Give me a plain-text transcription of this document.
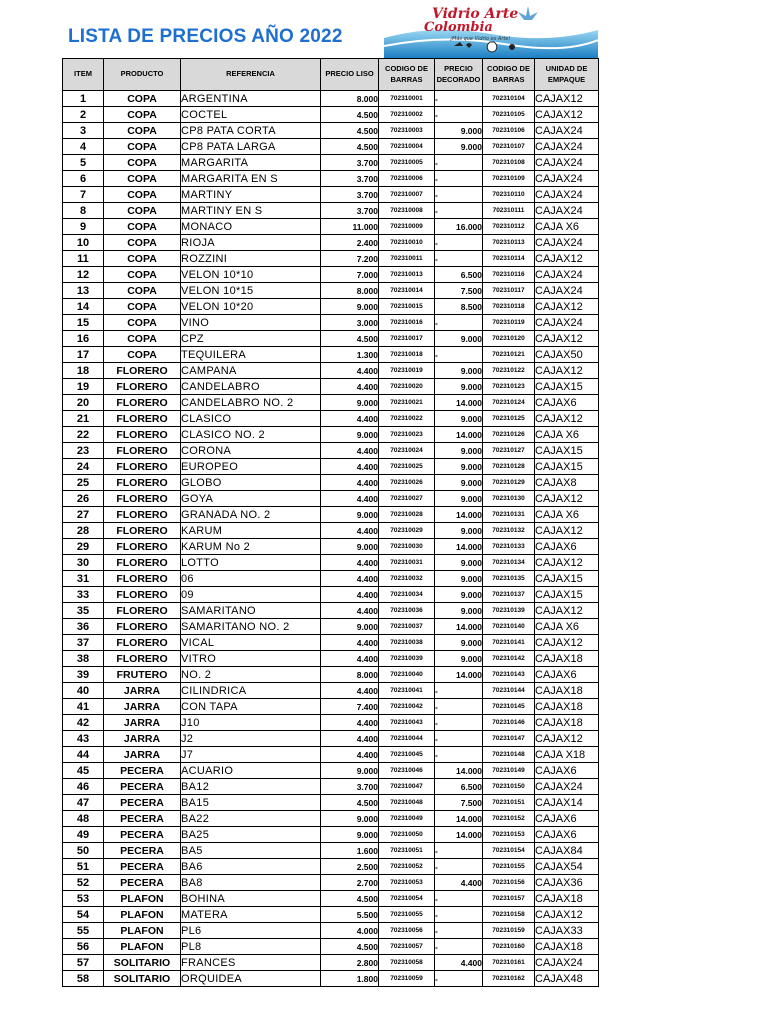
LISTA DE PRECIOS AÑO 2022
Vidrio Arte
Colombia
¡Más que Vidrio es Arte!
ITEM	PRODUCTO	REFERENCIA	PRECIO LISO	CODIGO DE BARRAS	PRECIO DECORADO	CODIGO DE BARRAS	UNIDAD DE EMPAQUE
1	COPA	ARGENTINA	8.000	702310001	-	702310104	CAJAX12
2	COPA	COCTEL	4.500	702310002	-	702310105	CAJAX12
3	COPA	CP8 PATA CORTA	4.500	702310003	9.000	702310106	CAJAX24
4	COPA	CP8 PATA LARGA	4.500	702310004	9.000	702310107	CAJAX24
5	COPA	MARGARITA	3.700	702310005	-	702310108	CAJAX24
6	COPA	MARGARITA EN S	3.700	702310006	-	702310109	CAJAX24
7	COPA	MARTINY	3.700	702310007	-	702310110	CAJAX24
8	COPA	MARTINY EN S	3.700	702310008	-	702310111	CAJAX24
9	COPA	MONACO	11.000	702310009	16.000	702310112	CAJA X6
10	COPA	RIOJA	2.400	702310010	-	702310113	CAJAX24
11	COPA	ROZZINI	7.200	702310011	-	702310114	CAJAX12
12	COPA	VELON 10*10	7.000	702310013	6.500	702310116	CAJAX24
13	COPA	VELON 10*15	8.000	702310014	7.500	702310117	CAJAX24
14	COPA	VELON 10*20	9.000	702310015	8.500	702310118	CAJAX12
15	COPA	VINO	3.000	702310016	-	702310119	CAJAX24
16	COPA	CPZ	4.500	702310017	9.000	702310120	CAJAX12
17	COPA	TEQUILERA	1.300	702310018	-	702310121	CAJAX50
18	FLORERO	CAMPANA	4.400	702310019	9.000	702310122	CAJAX12
19	FLORERO	CANDELABRO	4.400	702310020	9.000	702310123	CAJAX15
20	FLORERO	CANDELABRO NO. 2	9.000	702310021	14.000	702310124	CAJAX6
21	FLORERO	CLASICO	4.400	702310022	9.000	702310125	CAJAX12
22	FLORERO	CLASICO NO. 2	9.000	702310023	14.000	702310126	CAJA X6
23	FLORERO	CORONA	4.400	702310024	9.000	702310127	CAJAX15
24	FLORERO	EUROPEO	4.400	702310025	9.000	702310128	CAJAX15
25	FLORERO	GLOBO	4.400	702310026	9.000	702310129	CAJAX8
26	FLORERO	GOYA	4.400	702310027	9.000	702310130	CAJAX12
27	FLORERO	GRANADA NO. 2	9.000	702310028	14.000	702310131	CAJA X6
28	FLORERO	KARUM	4.400	702310029	9.000	702310132	CAJAX12
29	FLORERO	KARUM No 2	9.000	702310030	14.000	702310133	CAJAX6
30	FLORERO	LOTTO	4.400	702310031	9.000	702310134	CAJAX12
31	FLORERO	06	4.400	702310032	9.000	702310135	CAJAX15
33	FLORERO	09	4.400	702310034	9.000	702310137	CAJAX15
35	FLORERO	SAMARITANO	4.400	702310036	9.000	702310139	CAJAX12
36	FLORERO	SAMARITANO NO. 2	9.000	702310037	14.000	702310140	CAJA X6
37	FLORERO	VICAL	4.400	702310038	9.000	702310141	CAJAX12
38	FLORERO	VITRO	4.400	702310039	9.000	702310142	CAJAX18
39	FRUTERO	NO. 2	8.000	702310040	14.000	702310143	CAJAX6
40	JARRA	CILINDRICA	4.400	702310041	-	702310144	CAJAX18
41	JARRA	CON TAPA	7.400	702310042	-	702310145	CAJAX18
42	JARRA	J10	4.400	702310043	-	702310146	CAJAX18
43	JARRA	J2	4.400	702310044	-	702310147	CAJAX12
44	JARRA	J7	4.400	702310045	-	702310148	CAJA X18
45	PECERA	ACUARIO	9.000	702310046	14.000	702310149	CAJAX6
46	PECERA	BA12	3.700	702310047	6.500	702310150	CAJAX24
47	PECERA	BA15	4.500	702310048	7.500	702310151	CAJAX14
48	PECERA	BA22	9.000	702310049	14.000	702310152	CAJAX6
49	PECERA	BA25	9.000	702310050	14.000	702310153	CAJAX6
50	PECERA	BA5	1.600	702310051	-	702310154	CAJAX84
51	PECERA	BA6	2.500	702310052	-	702310155	CAJAX54
52	PECERA	BA8	2.700	702310053	4.400	702310156	CAJAX36
53	PLAFON	BOHINA	4.500	702310054	-	702310157	CAJAX18
54	PLAFON	MATERA	5.500	702310055	-	702310158	CAJAX12
55	PLAFON	PL6	4.000	702310056	-	702310159	CAJAX33
56	PLAFON	PL8	4.500	702310057	-	702310160	CAJAX18
57	SOLITARIO	FRANCES	2.800	702310058	4.400	702310161	CAJAX24
58	SOLITARIO	ORQUIDEA	1.800	702310059	-	702310162	CAJAX48
